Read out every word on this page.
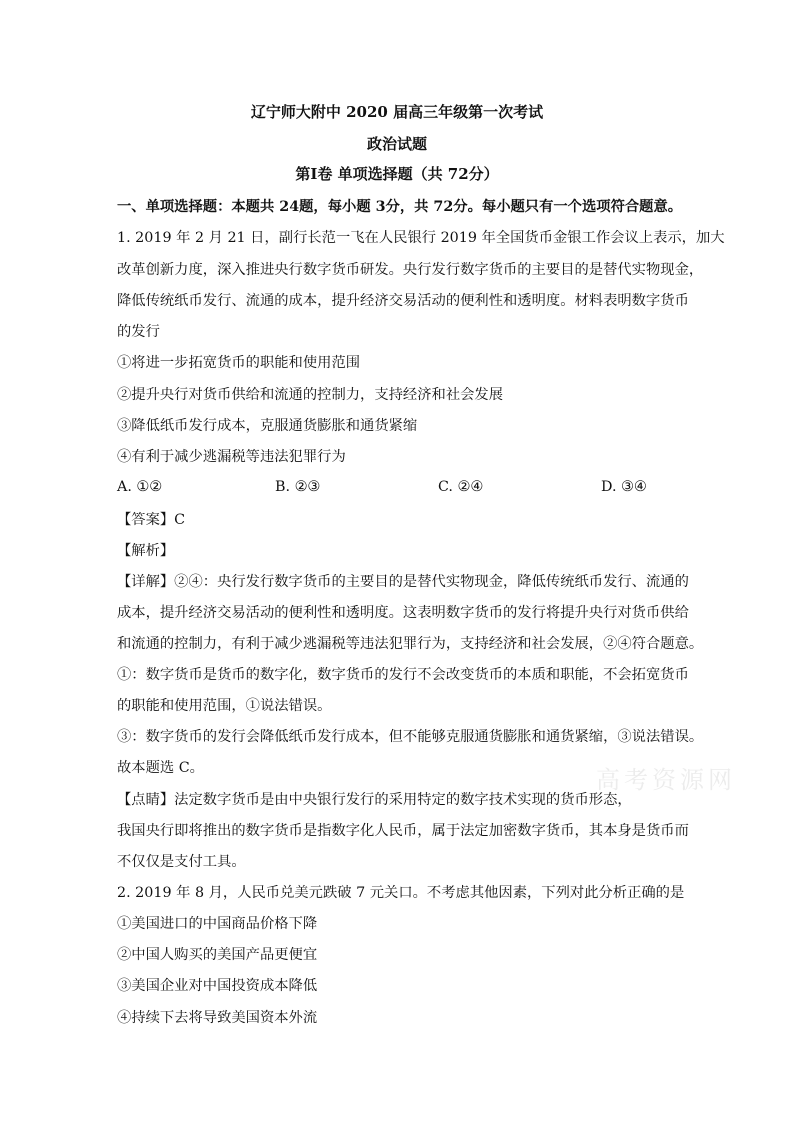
辽宁师大附中 2020 届高三年级第一次考试
政治试题
第Ⅰ卷 单项选择题（共 72分）
一、单项选择题：本题共 24题，每小题 3分，共 72分。每小题只有一个选项符合题意。
1. 2019 年 2 月 21 日，副行长范一飞在人民银行 2019 年全国货币金银工作会议上表示，加大
改革创新力度，深入推进央行数字货币研发。央行发行数字货币的主要目的是替代实物现金，
降低传统纸币发行、流通的成本，提升经济交易活动的便利性和透明度。材料表明数字货币
的发行
①将进一步拓宽货币的职能和使用范围
②提升央行对货币供给和流通的控制力，支持经济和社会发展
③降低纸币发行成本，克服通货膨胀和通货紧缩
④有利于减少逃漏税等违法犯罪行为
A. ①②	B. ②③	C. ②④	D. ③④
【答案】C
【解析】
【详解】②④：央行发行数字货币的主要目的是替代实物现金，降低传统纸币发行、流通的
成本，提升经济交易活动的便利性和透明度。这表明数字货币的发行将提升央行对货币供给
和流通的控制力，有利于减少逃漏税等违法犯罪行为，支持经济和社会发展，②④符合题意。
①：数字货币是货币的数字化，数字货币的发行不会改变货币的本质和职能，不会拓宽货币
的职能和使用范围，①说法错误。
③：数字货币的发行会降低纸币发行成本，但不能够克服通货膨胀和通货紧缩，③说法错误。
故本题选 C。
【点睛】法定数字货币是由中央银行发行的采用特定的数字技术实现的货币形态，
我国央行即将推出的数字货币是指数字化人民币，属于法定加密数字货币，其本身是货币而
不仅仅是支付工具。
2. 2019 年 8 月，人民币兑美元跌破 7 元关口。不考虑其他因素，下列对此分析正确的是
①美国进口的中国商品价格下降
②中国人购买的美国产品更便宜
③美国企业对中国投资成本降低
④持续下去将导致美国资本外流
高考资源网
